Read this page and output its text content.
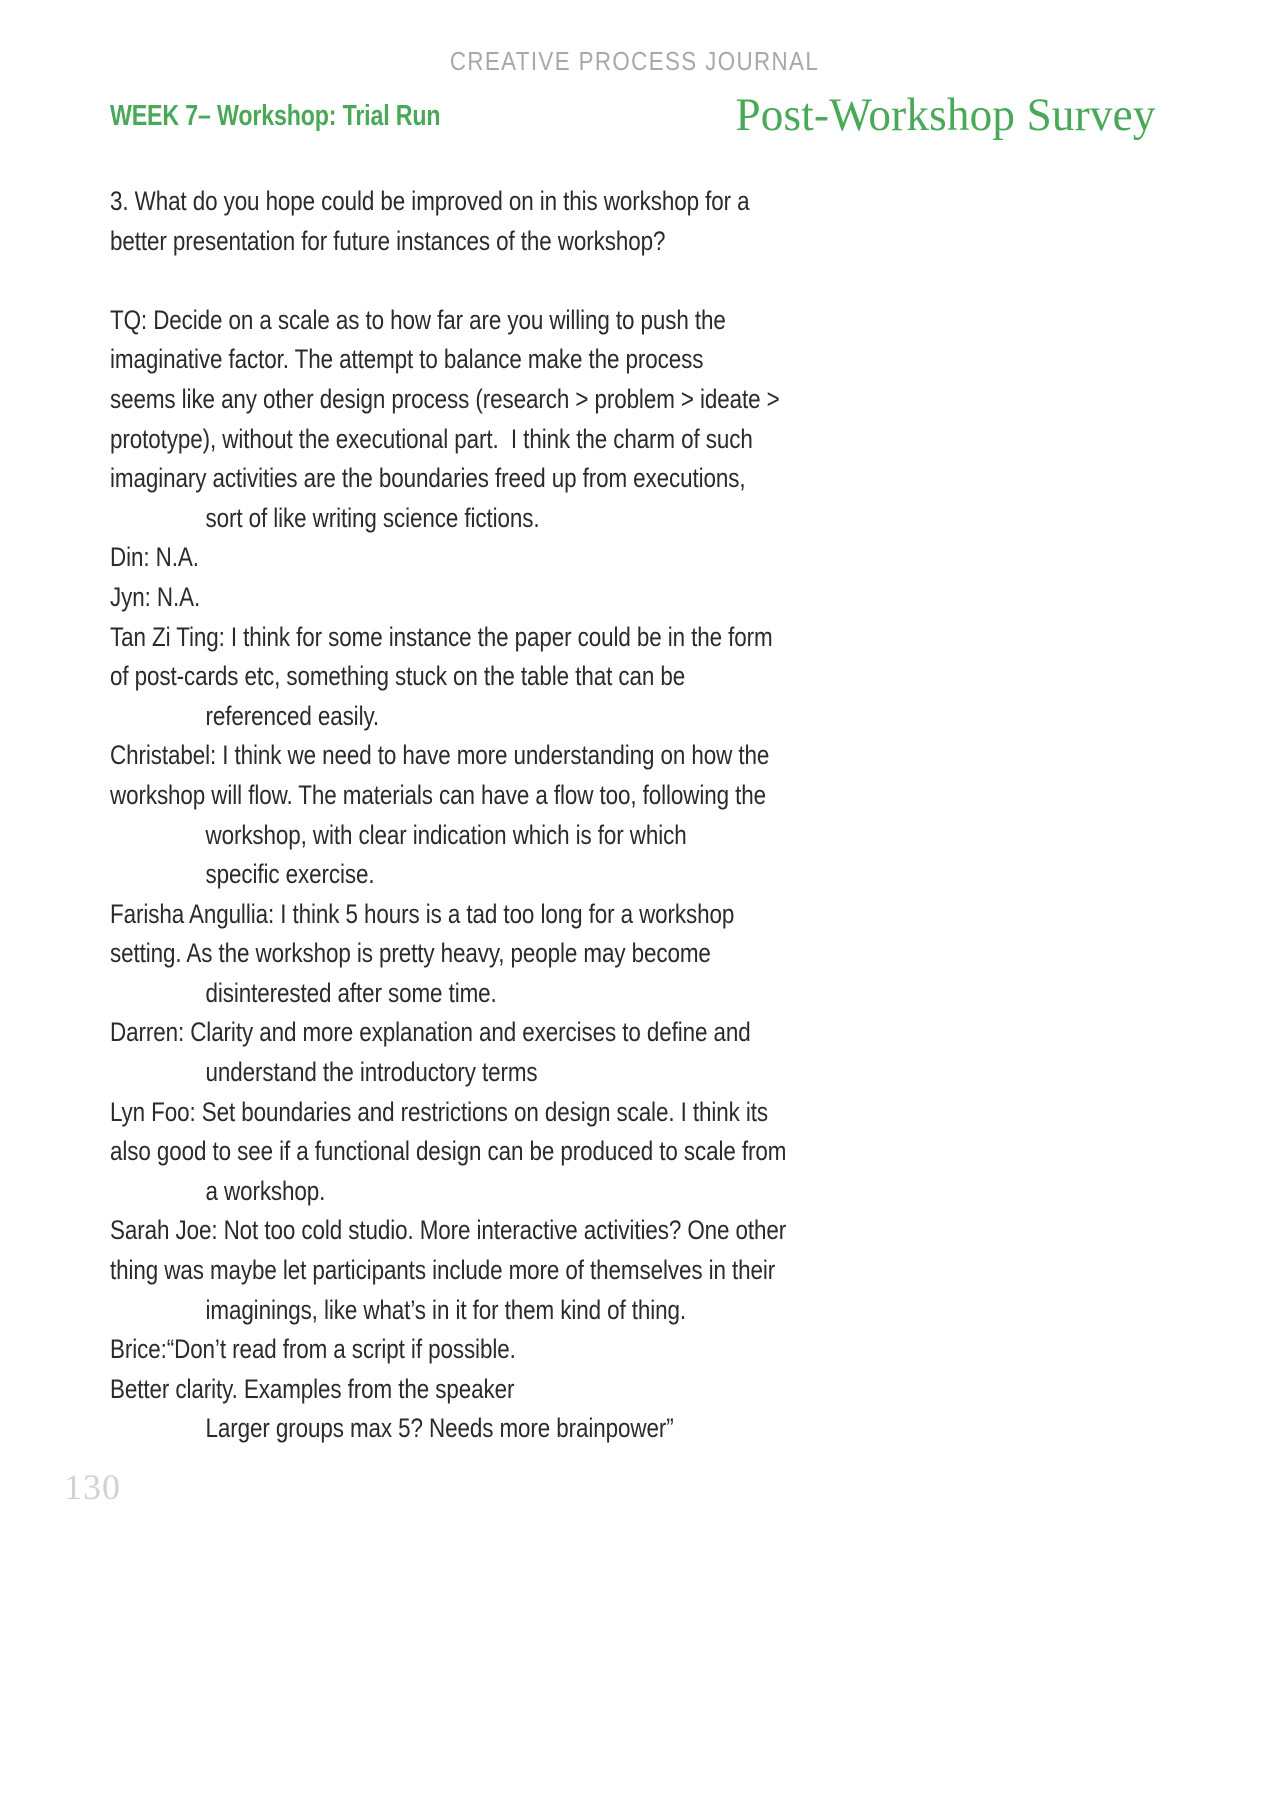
CREATIVE PROCESS JOURNAL
WEEK 7– Workshop: Trial Run	Post-Workshop Survey
3. What do you hope could be improved on in this workshop for a
better presentation for future instances of the workshop?

TQ: Decide on a scale as to how far are you willing to push the
imaginative factor. The attempt to balance make the process
seems like any other design process (research > problem > ideate >
prototype), without the executional part.  I think the charm of such
imaginary activities are the boundaries freed up from executions,
sort of like writing science fictions.
Din: N.A.
Jyn: N.A.
Tan Zi Ting: I think for some instance the paper could be in the form
of post-cards etc, something stuck on the table that can be
referenced easily.
Christabel: I think we need to have more understanding on how the
workshop will flow. The materials can have a flow too, following the
workshop, with clear indication which is for which
specific exercise.
Farisha Angullia: I think 5 hours is a tad too long for a workshop
setting. As the workshop is pretty heavy, people may become
disinterested after some time.
Darren: Clarity and more explanation and exercises to define and
understand the introductory terms
Lyn Foo: Set boundaries and restrictions on design scale. I think its
also good to see if a functional design can be produced to scale from
a workshop.
Sarah Joe: Not too cold studio. More interactive activities? One other
thing was maybe let participants include more of themselves in their
imaginings, like what’s in it for them kind of thing.
Brice:“Don’t read from a script if possible.
Better clarity. Examples from the speaker
Larger groups max 5? Needs more brainpower”
130
